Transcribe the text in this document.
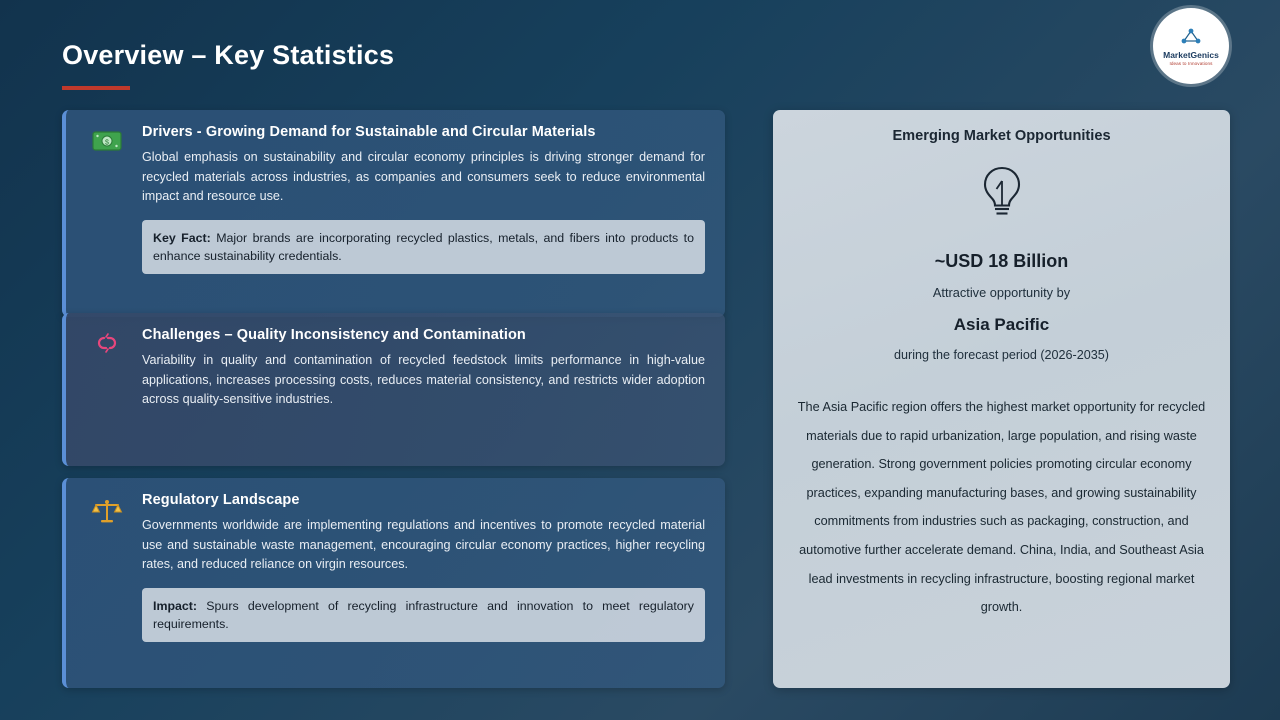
Overview – Key Statistics	MarketGenics
Ideas to Innovations
$
Drivers - Growing Demand for Sustainable and Circular Materials
Global emphasis on sustainability and circular economy principles is driving stronger demand for recycled materials across industries, as companies and consumers seek to reduce environmental impact and resource use.
Key Fact: Major brands are incorporating recycled plastics, metals, and fibers into products to enhance sustainability credentials.
Challenges – Quality Inconsistency and Contamination
Variability in quality and contamination of recycled feedstock limits performance in high-value applications, increases processing costs, reduces material consistency, and restricts wider adoption across quality-sensitive industries.
Regulatory Landscape
Governments worldwide are implementing regulations and incentives to promote recycled material use and sustainable waste management, encouraging circular economy practices, higher recycling rates, and reduced reliance on virgin resources.
Impact: Spurs development of recycling infrastructure and innovation to meet regulatory requirements.
Emerging Market Opportunities
~USD 18 Billion
Attractive opportunity by
Asia Pacific
during the forecast period (2026-2035)
The Asia Pacific region offers the highest market opportunity for recycled materials due to rapid urbanization, large population, and rising waste generation. Strong government policies promoting circular economy practices, expanding manufacturing bases, and growing sustainability commitments from industries such as packaging, construction, and automotive further accelerate demand. China, India, and Southeast Asia lead investments in recycling infrastructure, boosting regional market growth.
